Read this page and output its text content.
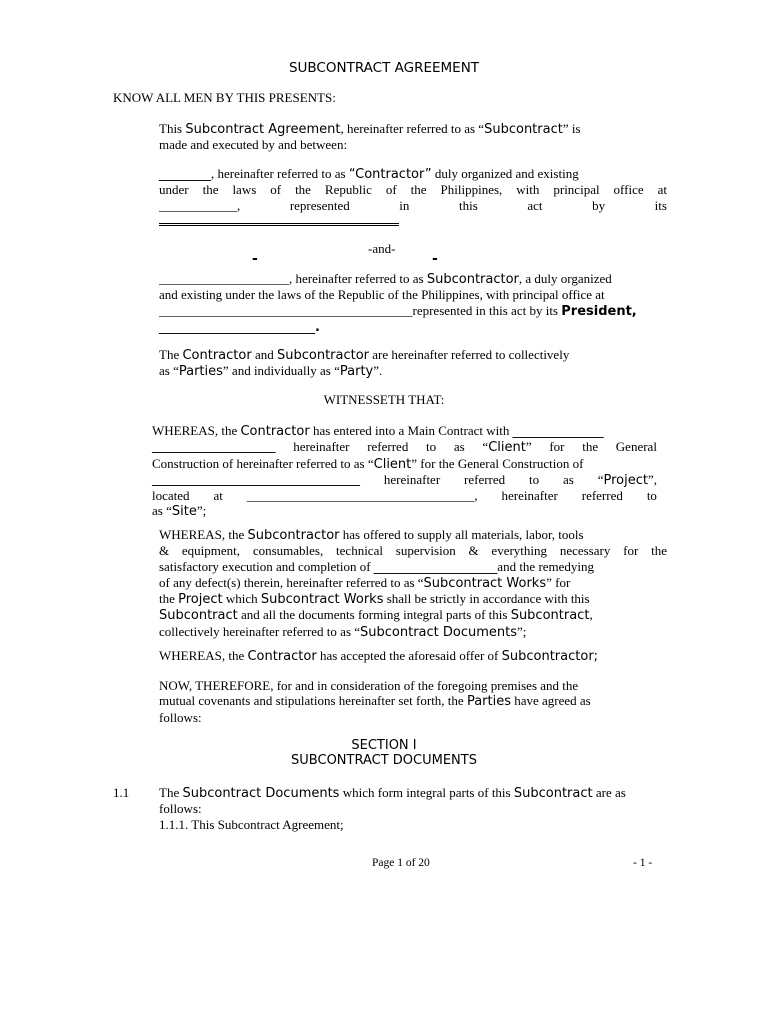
SUBCONTRACT AGREEMENT
KNOW ALL MEN BY THIS PRESENTS:
This Subcontract Agreement, hereinafter referred to as “Subcontract” is
made and executed by and between:
________, hereinafter referred to as “Contractor” duly organized and existing
under the laws of the Republic of the Philippines, with principal office at
____________,	represented	in	this	act	by	its
-and-
-	-
____________________, hereinafter referred to as Subcontractor, a duly organized
and existing under the laws of the Republic of the Philippines, with principal office at
_______________________________________represented in this act by its President,
________________________.
The Contractor and Subcontractor are hereinafter referred to collectively
as “Parties” and individually as “Party”.
WITNESSETH THAT:
WHEREAS, the Contractor has entered into a Main Contract with ______________
___________________ hereinafter referred to as “Client” for the General
Construction of hereinafter referred to as “Client” for the General Construction of
________________________________ hereinafter referred to as “Project”,
located at ___________________________________, hereinafter referred to
as “Site”;
WHEREAS, the Subcontractor has offered to supply all materials, labor, tools
& equipment, consumables, technical supervision & everything necessary for the
satisfactory execution and completion of ___________________and the remedying
of any defect(s) therein, hereinafter referred to as “Subcontract Works” for
the Project which Subcontract Works shall be strictly in accordance with this
Subcontract and all the documents forming integral parts of this Subcontract,
collectively hereinafter referred to as “Subcontract Documents”;
WHEREAS, the Contractor has accepted the aforesaid offer of Subcontractor;
NOW, THEREFORE, for and in consideration of the foregoing premises and the
mutual covenants and stipulations hereinafter set forth, the Parties have agreed as
follows:
SECTION I
SUBCONTRACT DOCUMENTS
1.1 The Subcontract Documents which form integral parts of this Subcontract are as
follows:
1.1.1. This Subcontract Agreement;
Page 1 of 20	- 1 -
